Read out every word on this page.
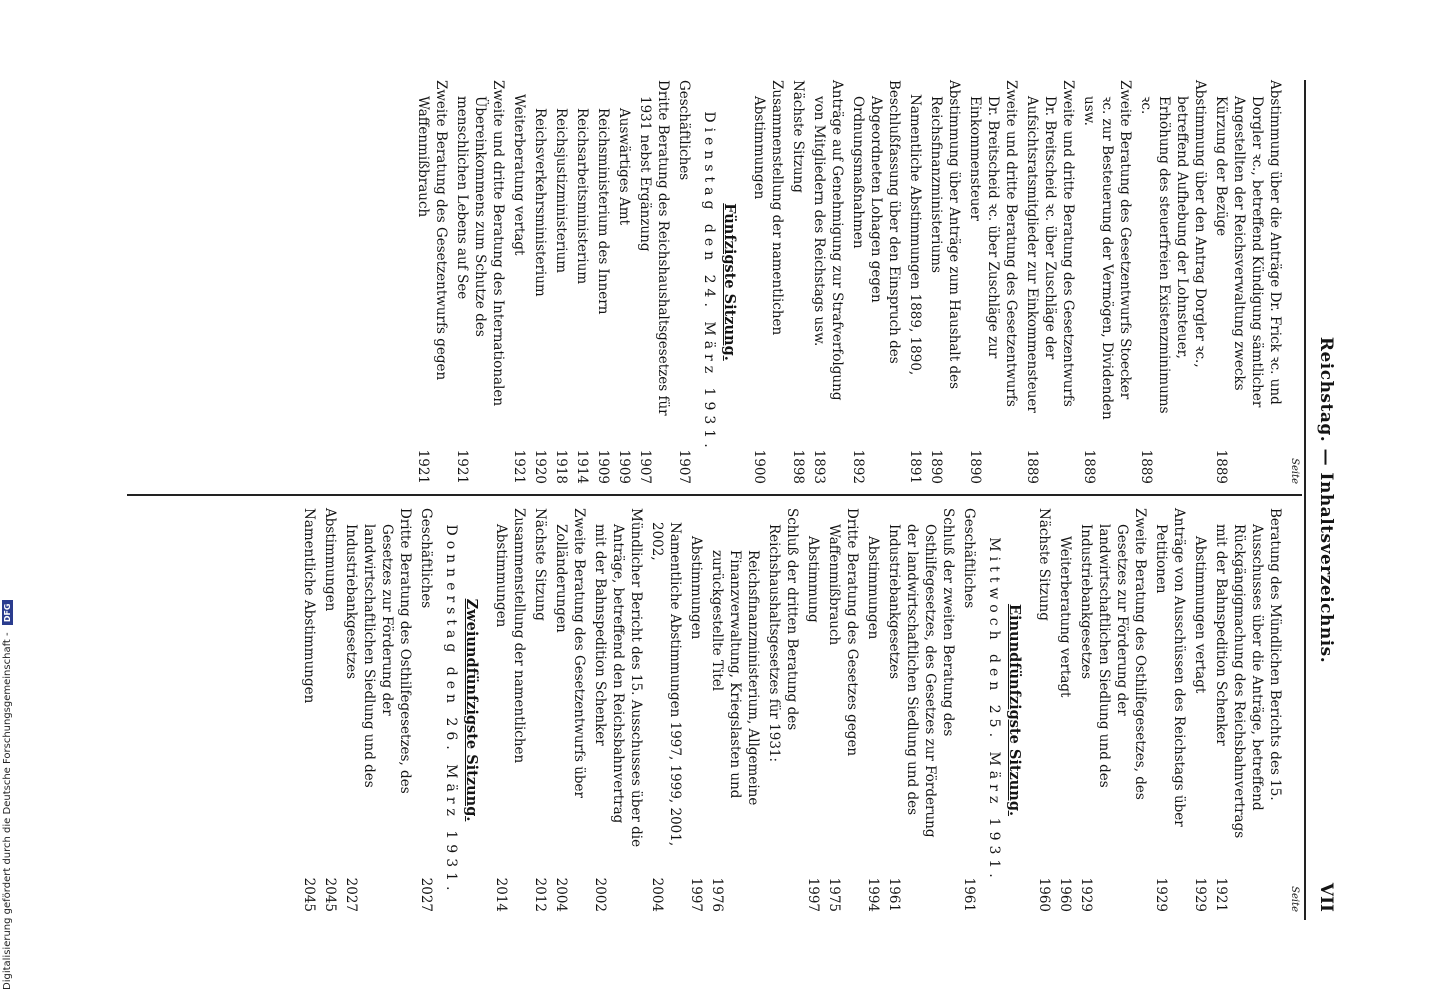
Reichstag. — Inhaltsverzeichnis.
VII
Seite
Abstimmung über die Anträge Dr. Frick ꝛc. und Dorgler ꝛc., betreffend Kündigung sämtlicher Angestellten der Reichsverwaltung zwecks Kürzung der Bezüge
1889
Abstimmung über den Antrag Dorgler ꝛc., betreffend Aufhebung der Lohnsteuer, Erhöhung des steuerfreien Existenzminimums ꝛc.
1889
Zweite Beratung des Gesetzentwurfs Stoecker ꝛc. zur Besteuerung der Vermögen, Dividenden usw.
1889
Zweite und dritte Beratung des Gesetzentwurfs Dr. Breitscheid ꝛc. über Zuschläge der Aufsichtsratsmitglieder zur Einkommensteuer
1889
Zweite und dritte Beratung des Gesetzentwurfs Dr. Breitscheid ꝛc. über Zuschläge zur Einkommensteuer
1890
Abstimmung über Anträge zum Haushalt des Reichsfinanzministeriums
1890
Namentliche Abstimmungen 1889, 1890,
1891
Beschlußfassung über den Einspruch des Abgeordneten Lohagen gegen Ordnungsmaßnahmen
1892
Anträge auf Genehmigung zur Strafverfolgung von Mitgliedern des Reichstags usw.
1893
Nächste Sitzung
1898
Zusammenstellung der namentlichen Abstimmungen
1900
Fünfzigste Sitzung.
Dienstag den 24. März 1931.
Geschäftliches
1907
Dritte Beratung des Reichshaushaltsgesetzes für 1931 nebst Ergänzung
1907
Auswärtiges Amt
1909
Reichsministerium des Innern
1909
Reichsarbeitsministerium
1914
Reichsjustizministerium
1918
Reichsverkehrsministerium
1920
Weiterberatung vertagt
1921
Zweite und dritte Beratung des Internationalen Übereinkommens zum Schutze des menschlichen Lebens auf See
1921
Zweite Beratung des Gesetzentwurfs gegen Waffenmißbrauch
1921
Seite
Beratung des Mündlichen Berichts des 15. Ausschusses über die Anträge, betreffend Rückgängigmachung des Reichsbahnvertrags mit der Bahnspedition Schenker
1921
Abstimmungen vertagt
1929
Anträge von Ausschüssen des Reichstags über Petitionen
1929
Zweite Beratung des Osthilfegesetzes, des Gesetzes zur Förderung der landwirtschaftlichen Siedlung und des Industriebankgesetzes
1929
Weiterberatung vertagt
1960
Nächste Sitzung
1960
Einundfünfzigste Sitzung.
Mittwoch den 25. März 1931.
Geschäftliches
1961
Schluß der zweiten Beratung des Osthilfegesetzes, des Gesetzes zur Förderung der landwirtschaftlichen Siedlung und des Industriebankgesetzes
1961
Abstimmungen
1994
Dritte Beratung des Gesetzes gegen Waffenmißbrauch
1975
Abstimmung
1997
Schluß der dritten Beratung des Reichshaushaltsgesetzes für 1931:
Reichsfinanzministerium, Allgemeine Finanzverwaltung, Kriegslasten und zurückgestellte Titel
1976
Abstimmungen
1997
Namentliche Abstimmungen 1997, 1999, 2001, 2002,
2004
Mündlicher Bericht des 15. Ausschusses über die Anträge, betreffend den Reichsbahnvertrag mit der Bahnspedition Schenker
2002
Zweite Beratung des Gesetzentwurfs über Zolländerungen
2004
Nächste Sitzung
2012
Zusammenstellung der namentlichen Abstimmungen
2014
Zweiundfünfzigste Sitzung.
Donnerstag den 26. März 1931.
Geschäftliches
2027
Dritte Beratung des Osthilfegesetzes, des Gesetzes zur Förderung der landwirtschaftlichen Siedlung und des Industriebankgesetzes
2027
Abstimmungen
2045
Namentliche Abstimmungen
2045
Digitalisierung gefördert durch die Deutsche Forschungsgemeinschaft - DFG
